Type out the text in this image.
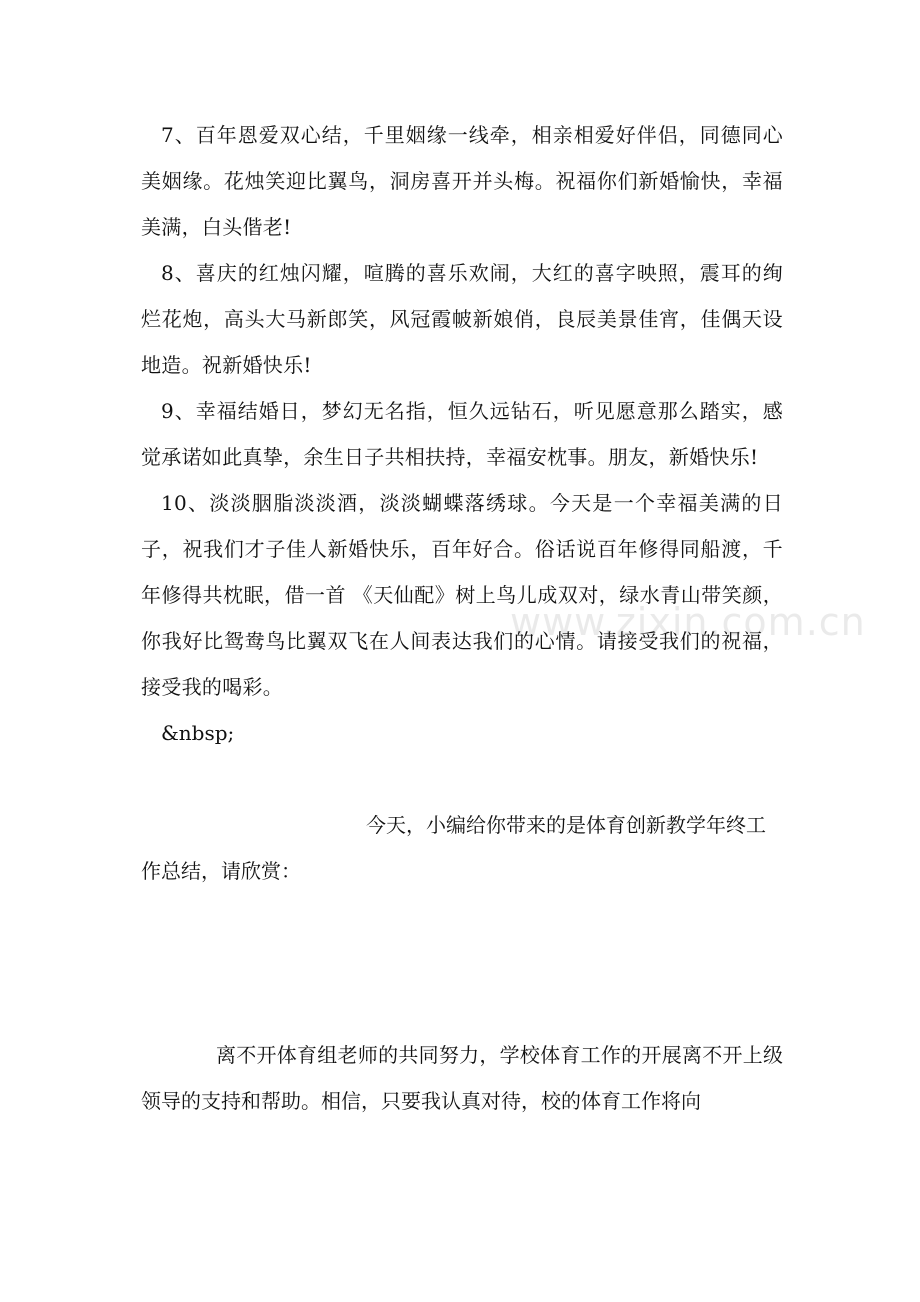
www.zixin.com.cn

7、百年恩爱双心结，千里姻缘一线牵，相亲相爱好伴侣，同德同心美姻缘。花烛笑迎比翼鸟，洞房喜开并头梅。祝福你们新婚愉快，幸福美满，白头偕老!

8、喜庆的红烛闪耀，喧腾的喜乐欢闹，大红的喜字映照，震耳的绚烂花炮，高头大马新郎笑，风冠霞帔新娘俏，良辰美景佳宵，佳偶天设地造。祝新婚快乐!

9、幸福结婚日，梦幻无名指，恒久远钻石，听见愿意那么踏实，感觉承诺如此真挚，余生日子共相扶持，幸福安枕事。朋友，新婚快乐!

10、淡淡胭脂淡淡酒，淡淡蝴蝶落绣球。今天是一个幸福美满的日子，祝我们才子佳人新婚快乐，百年好合。俗话说百年修得同船渡，千年修得共枕眠，借一首 《天仙配》树上鸟儿成双对，绿水青山带笑颜，你我好比鸳鸯鸟比翼双飞在人间表达我们的心情。请接受我们的祝福，接受我的喝彩。

&nbsp;

今天，小编给你带来的是体育创新教学年终工作总结，请欣赏：

离不开体育组老师的共同努力，学校体育工作的开展离不开上级领导的支持和帮助。相信，只要我认真对待，校的体育工作将向
